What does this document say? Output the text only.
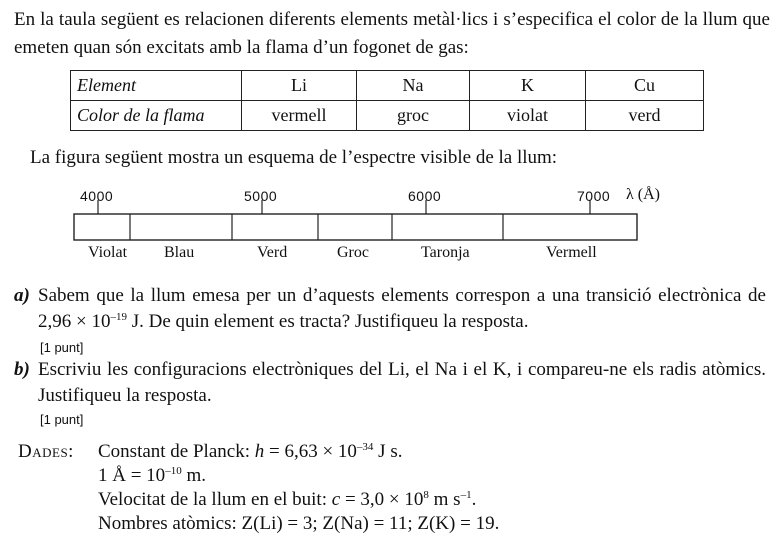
En la taula següent es relacionen diferents elements metàl·lics i s’especifica el color de la llum que emeten quan són excitats amb la flama d’un fogonet de gas:
Element	Li	Na	K	Cu
Color de la flama	vermell	groc	violat	verd
La figura següent mostra un esquema de l’espectre visible de la llum:
4000	5000	6000	7000 λ (Å)
Violat Blau	Verd	Groc	Taronja	Vermell
a) Sabem que la llum emesa per un d’aquests elements correspon a una transició electrònica de $2,96 \times 10^{-19}$ J. De quin element es tracta? Justifiqueu la resposta.
[1 punt]
b) Escriviu les configuracions electròniques del Li, el Na i el K, i compareu-ne els radis atòmics. Justifiqueu la resposta.
[1 punt]
Dades: Constant de Planck: $h = 6,63 \times 10^{-34}$ J s.
1 Å = $10^{-10}$ m.
Velocitat de la llum en el buit: $c = 3,0 \times 10^8$ m $s^{-1}$.
Nombres atòmics: Z(Li) = 3; Z(Na) = 11; Z(K) = 19.
